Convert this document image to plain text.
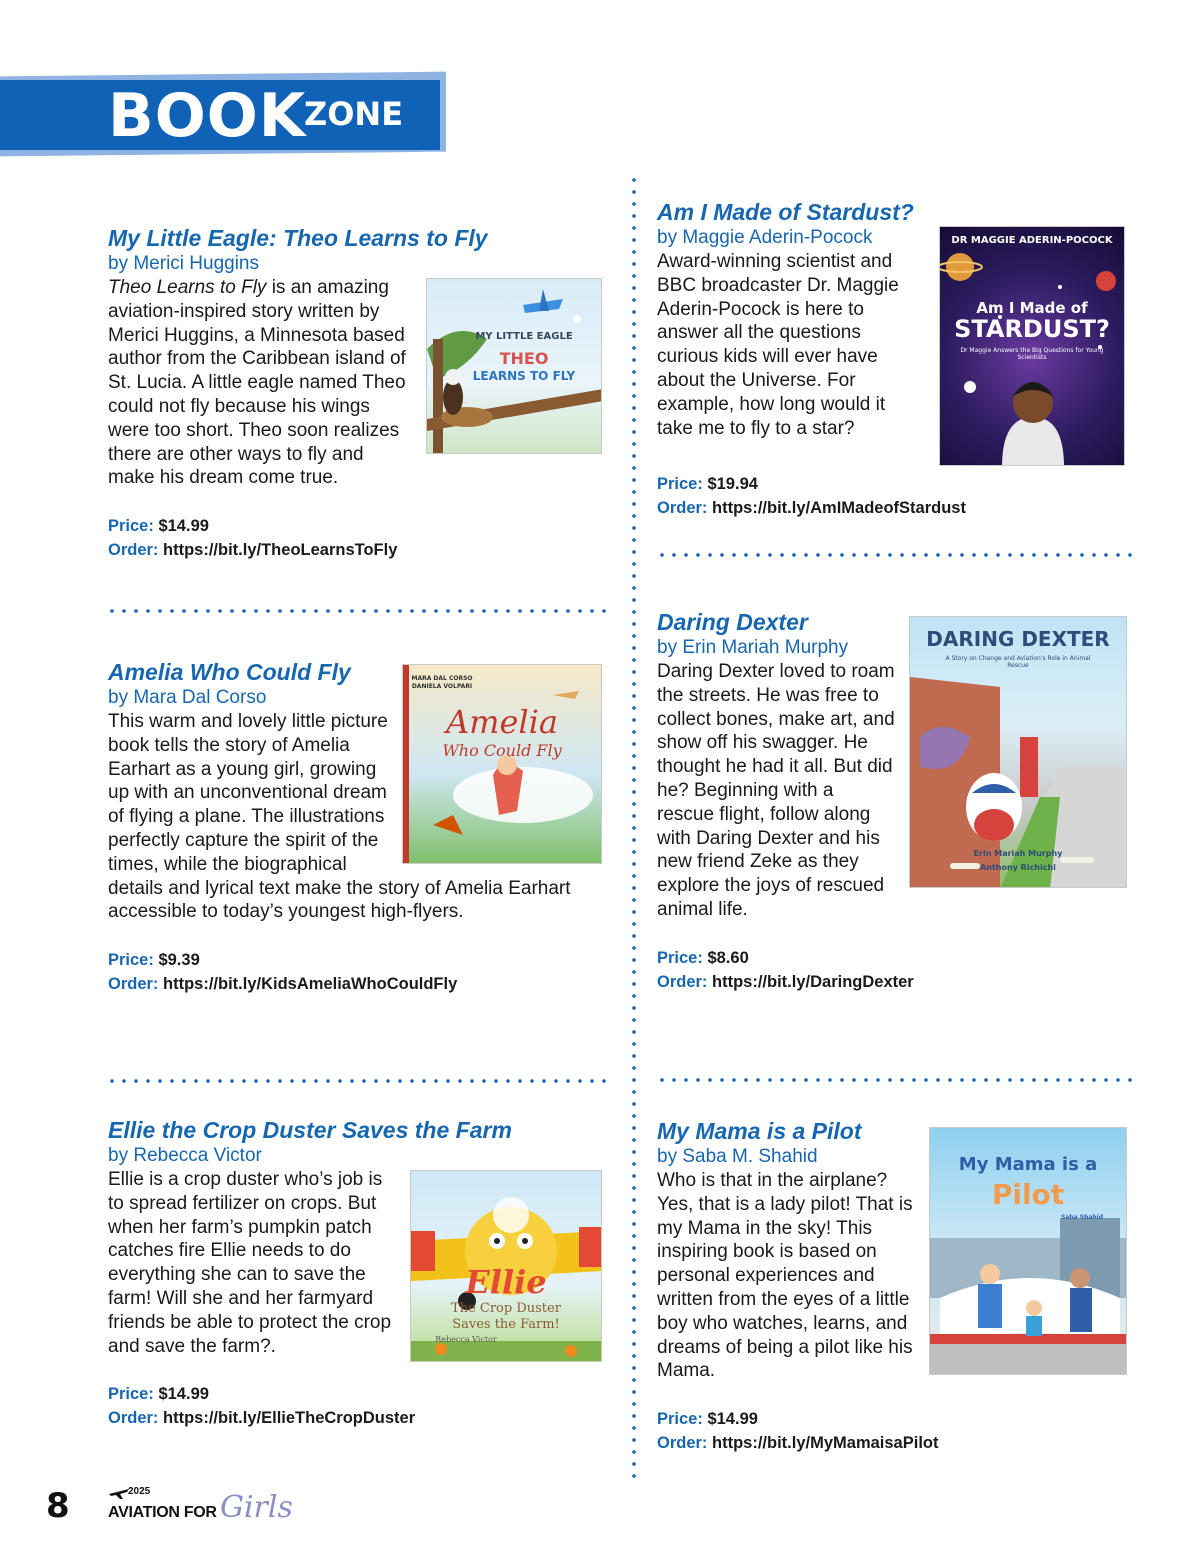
BOOK
ZONE
My Little Eagle: Theo Learns to Fly
by Merici Huggins
MY LITTLE EAGLE
THEO
LEARNS TO FLY
Theo Learns to Fly is an amazing aviation-inspired story written by Merici Huggins, a Minnesota based author from the Caribbean island of St. Lucia. A little eagle named Theo could not fly because his wings were too short. Theo soon realizes there are other ways to fly and make his dream come true.
Price: $14.99
Order: https://bit.ly/TheoLearnsToFly
MARA DAL CORSO
DANIELA VOLPARI
Amelia
Who Could Fly
Amelia Who Could Fly
by Mara Dal Corso
This warm and lovely little picture book tells the story of Amelia Earhart as a young girl, growing up with an unconventional dream of flying a plane. The illustrations perfectly capture the spirit of the times, while the biographical details and lyrical text make the story of Amelia Earhart accessible to today’s youngest high-flyers.
Price: $9.39
Order: https://bit.ly/KidsAmeliaWhoCouldFly
Ellie the Crop Duster Saves the Farm
by Rebecca Victor
Ellie
The Crop Duster
Saves the Farm!
Rebecca Victor
Ellie is a crop duster who’s job is to spread fertilizer on crops. But when her farm’s pumpkin patch catches fire Ellie needs to do everything she can to save the farm! Will she and her farmyard friends be able to protect the crop and save the farm?.
Price: $14.99
Order: https://bit.ly/EllieTheCropDuster
Am I Made of Stardust?
DR MAGGIE ADERIN-POCOCK
Am I Made of
STARDUST?
Dr Maggie Answers the Big Questions for Young Scientists
by Maggie Aderin-Pocock
Award-winning scientist and BBC broadcaster Dr. Maggie Aderin-Pocock is here to answer all the questions curious kids will ever have about the Universe. For example, how long would it take me to fly to a star?
Price: $19.94
Order: https://bit.ly/AmIMadeofStardust
DARING DEXTER
A Story on Change and Aviation's Role in Animal Rescue
Erin Mariah Murphy
Anthony Richichi
Daring Dexter
by Erin Mariah Murphy
Daring Dexter loved to roam the streets. He was free to collect bones, make art, and show off his swagger. He thought he had it all. But did he? Beginning with a rescue flight, follow along with Daring Dexter and his new friend Zeke as they explore the joys of rescued animal life.
Price: $8.60
Order: https://bit.ly/DaringDexter
My Mama is a
Pilot
Saba Shahid
My Mama is a Pilot
by Saba M. Shahid
Who is that in the airplane? Yes, that is a lady pilot! That is my Mama in the sky! This inspiring book is based on personal experiences and written from the eyes of a little boy who watches, learns, and dreams of being a pilot like his Mama.
Price: $14.99
Order: https://bit.ly/MyMamaisaPilot
8	2025
AVIATION FOR Girls
